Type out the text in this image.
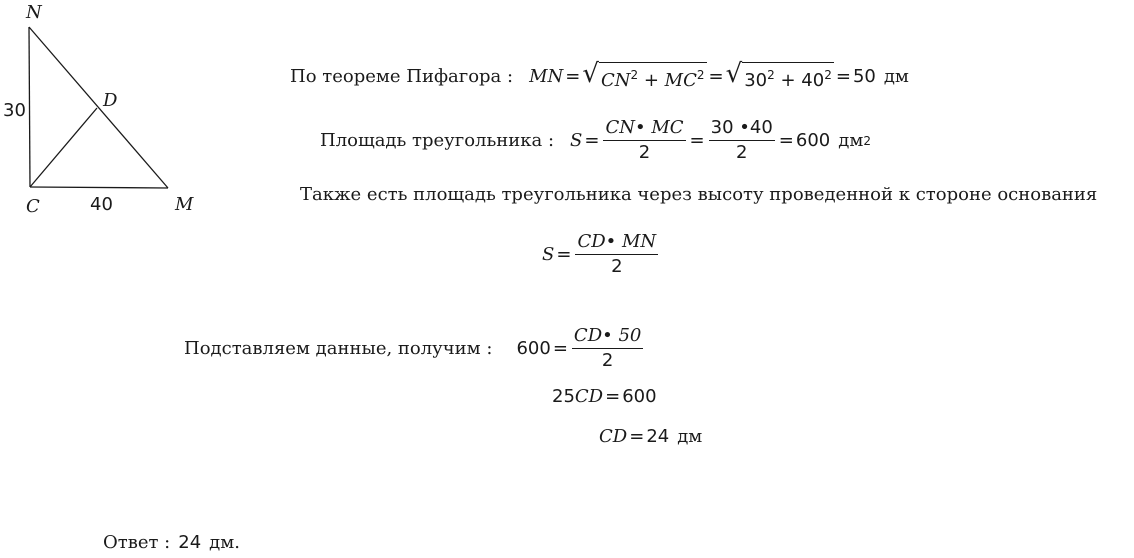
N
D
C	M
30
40
По теореме Пифагора : MN = √ $CN^2 + MC^2$ = √ $30^2 + 40^2 = 50$ дм
Площадь треугольника : $S = \frac{CN• MC}{2} = \frac{30 •40}{2} = 600$ дм 2
Также есть площадь треугольника через высоту проведенной к стороне основания
$S = \frac{CD• MN}{2}$
Подставляем данные, получим : $600 = \frac{CD• 50}{2}$
25 CD = 600
CD = 24 дм
Ответ : 24 дм.
